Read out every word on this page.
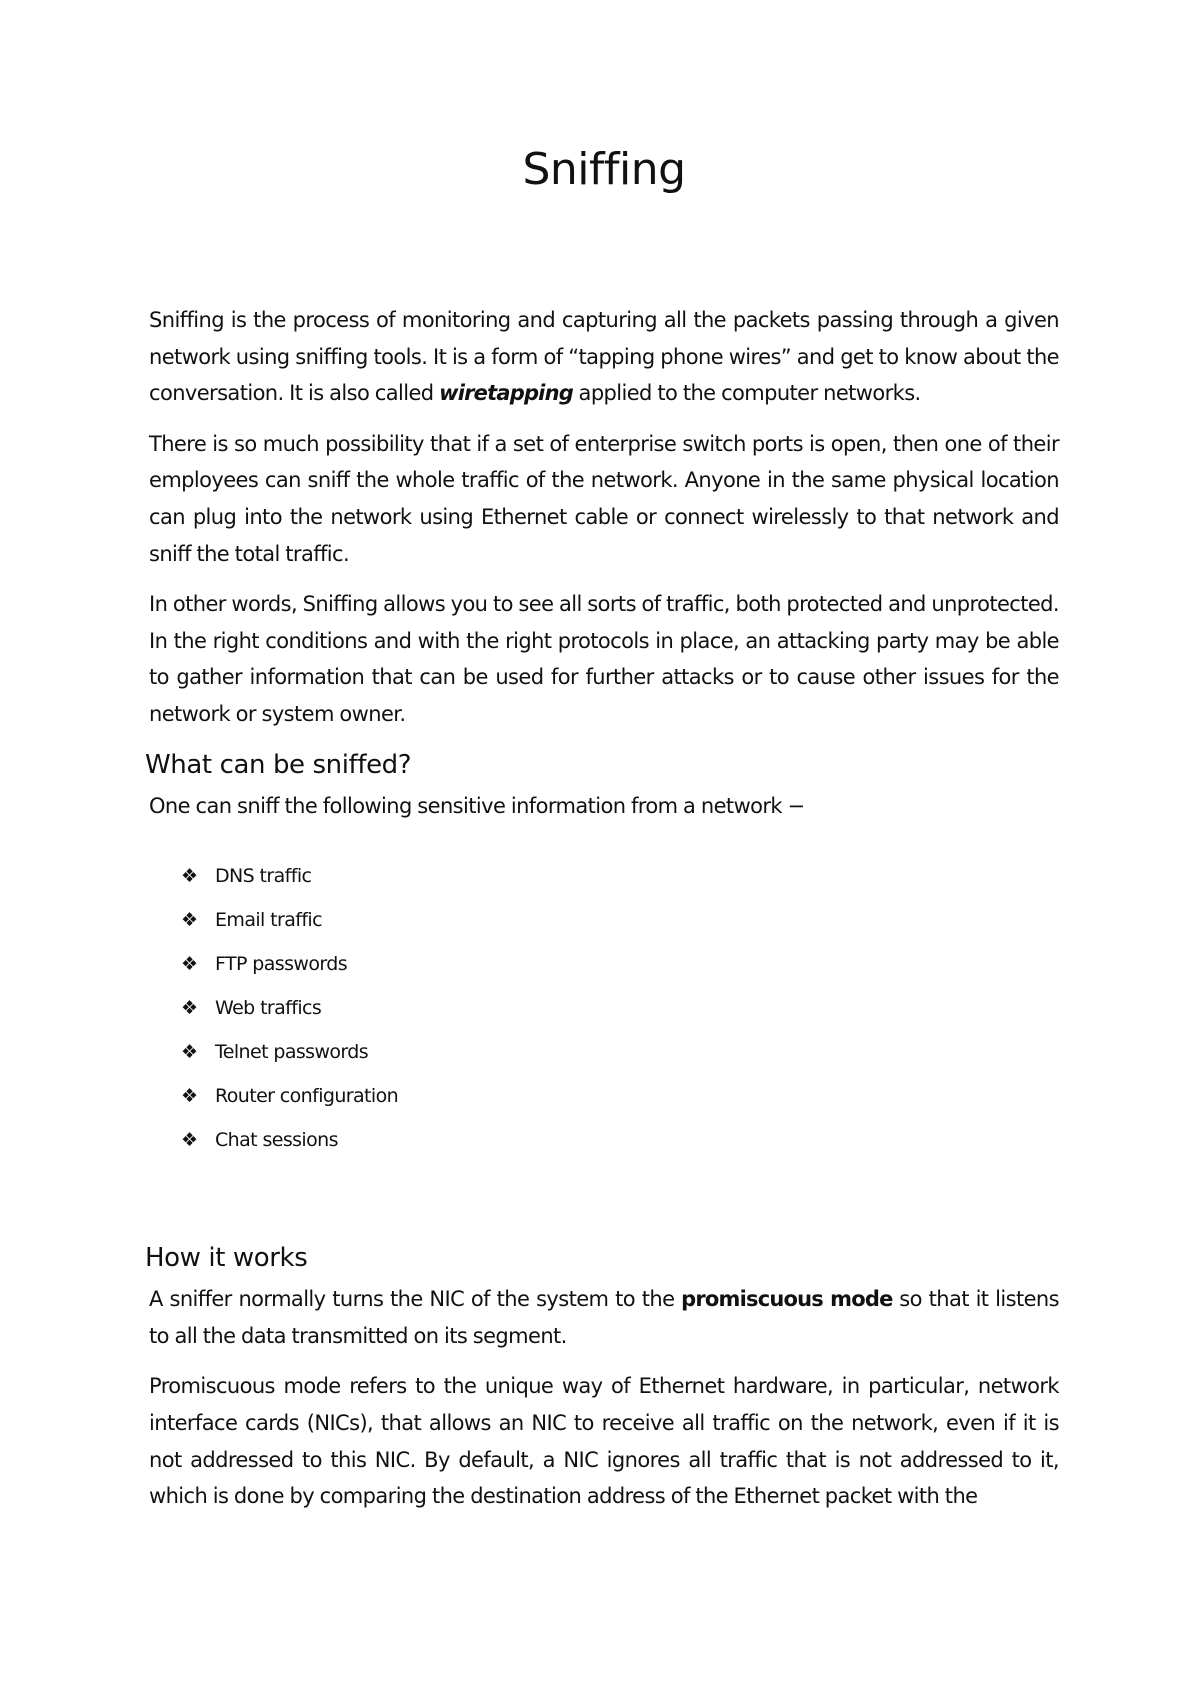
Sniffing

Sniffing is the process of monitoring and capturing all the packets passing through a given network using sniffing tools. It is a form of “tapping phone wires” and get to know about the conversation. It is also called wiretapping applied to the computer networks.

There is so much possibility that if a set of enterprise switch ports is open, then one of their employees can sniff the whole traffic of the network. Anyone in the same physical location can plug into the network using Ethernet cable or connect wirelessly to that network and sniff the total traffic.

In other words, Sniffing allows you to see all sorts of traffic, both protected and unprotected. In the right conditions and with the right protocols in place, an attacking party may be able to gather information that can be used for further attacks or to cause other issues for the network or system owner.

What can be sniffed?

One can sniff the following sensitive information from a network −

❖ DNS traffic
❖ Email traffic
❖ FTP passwords
❖ Web traffics
❖ Telnet passwords
❖ Router configuration
❖ Chat sessions
How it works

A sniffer normally turns the NIC of the system to the promiscuous mode so that it listens to all the data transmitted on its segment.

Promiscuous mode refers to the unique way of Ethernet hardware, in particular, network interface cards (NICs), that allows an NIC to receive all traffic on the network, even if it is not addressed to this NIC. By default, a NIC ignores all traffic that is not addressed to it, which is done by comparing the destination address of the Ethernet packet with the
